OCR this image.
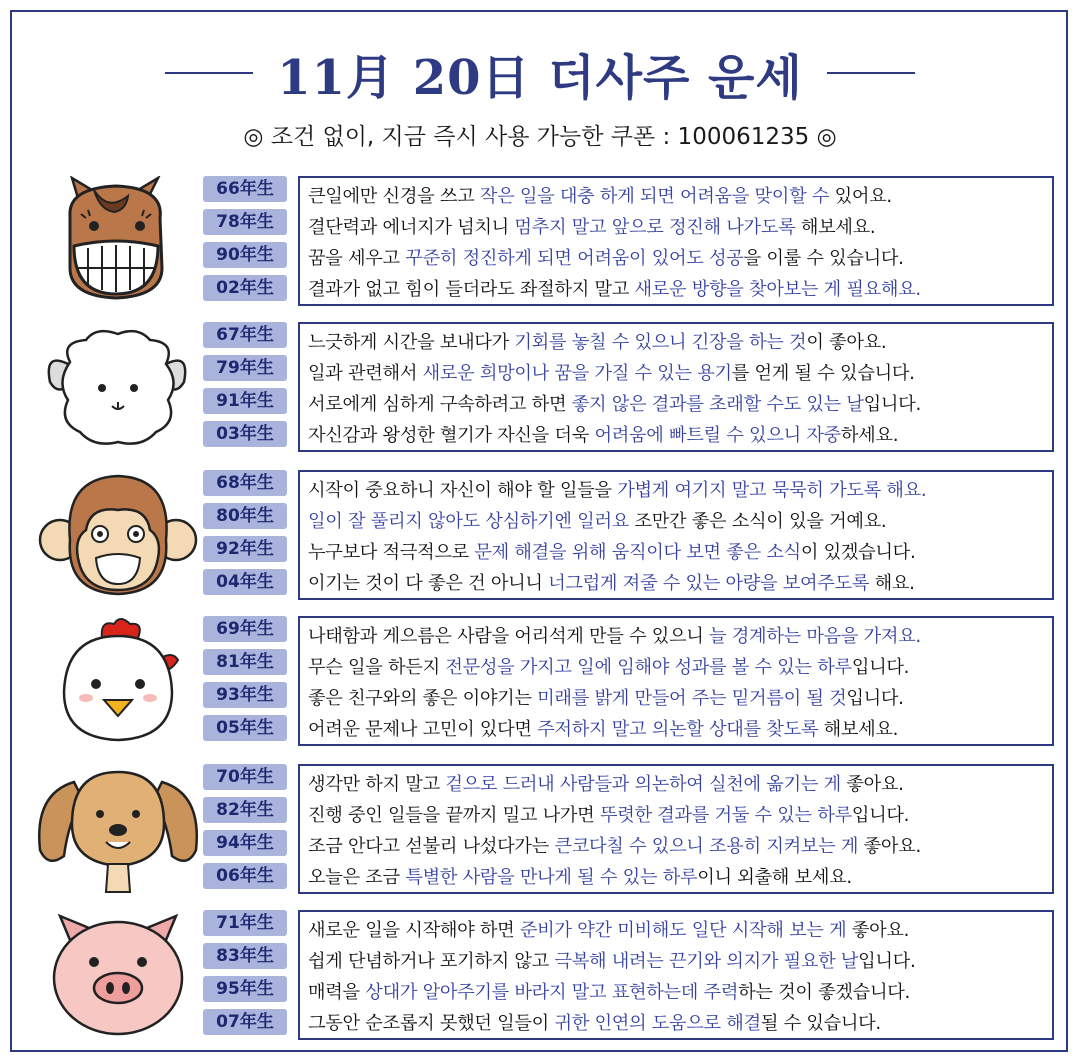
11月 20日 더사주 운세
◎ 조건 없이, 지금 즉시 사용 가능한 쿠폰 : 100061235 ◎
66年生
78年生
90年生
02年生
큰일에만 신경을 쓰고 작은 일을 대충 하게 되면 어려움을 맞이할 수 있어요.
결단력과 에너지가 넘치니 멈추지 말고 앞으로 정진해 나가도록 해보세요.
꿈을 세우고 꾸준히 정진하게 되면 어려움이 있어도 성공을 이룰 수 있습니다.
결과가 없고 힘이 들더라도 좌절하지 말고 새로운 방향을 찾아보는 게 필요해요.
67年生
79年生
91年生
03年生
느긋하게 시간을 보내다가 기회를 놓칠 수 있으니 긴장을 하는 것이 좋아요.
일과 관련해서 새로운 희망이나 꿈을 가질 수 있는 용기를 얻게 될 수 있습니다.
서로에게 심하게 구속하려고 하면 좋지 않은 결과를 초래할 수도 있는 날입니다.
자신감과 왕성한 혈기가 자신을 더욱 어려움에 빠트릴 수 있으니 자중하세요.
68年生
80年生
92年生
04年生
시작이 중요하니 자신이 해야 할 일들을 가볍게 여기지 말고 묵묵히 가도록 해요.
일이 잘 풀리지 않아도 상심하기엔 일러요 조만간 좋은 소식이 있을 거예요.
누구보다 적극적으로 문제 해결을 위해 움직이다 보면 좋은 소식이 있겠습니다.
이기는 것이 다 좋은 건 아니니 너그럽게 져줄 수 있는 아량을 보여주도록 해요.
69年生
81年生
93年生
05年生
나태함과 게으름은 사람을 어리석게 만들 수 있으니 늘 경계하는 마음을 가져요.
무슨 일을 하든지 전문성을 가지고 일에 임해야 성과를 볼 수 있는 하루입니다.
좋은 친구와의 좋은 이야기는 미래를 밝게 만들어 주는 밑거름이 될 것입니다.
어려운 문제나 고민이 있다면 주저하지 말고 의논할 상대를 찾도록 해보세요.
70年生
82年生
94年生
06年生
생각만 하지 말고 겉으로 드러내 사람들과 의논하여 실천에 옮기는 게 좋아요.
진행 중인 일들을 끝까지 밀고 나가면 뚜렷한 결과를 거둘 수 있는 하루입니다.
조금 안다고 섣불리 나섰다가는 큰코다칠 수 있으니 조용히 지켜보는 게 좋아요.
오늘은 조금 특별한 사람을 만나게 될 수 있는 하루이니 외출해 보세요.
71年生
83年生
95年生
07年生
새로운 일을 시작해야 하면 준비가 약간 미비해도 일단 시작해 보는 게 좋아요.
쉽게 단념하거나 포기하지 않고 극복해 내려는 끈기와 의지가 필요한 날입니다.
매력을 상대가 알아주기를 바라지 말고 표현하는데 주력하는 것이 좋겠습니다.
그동안 순조롭지 못했던 일들이 귀한 인연의 도움으로 해결될 수 있습니다.
